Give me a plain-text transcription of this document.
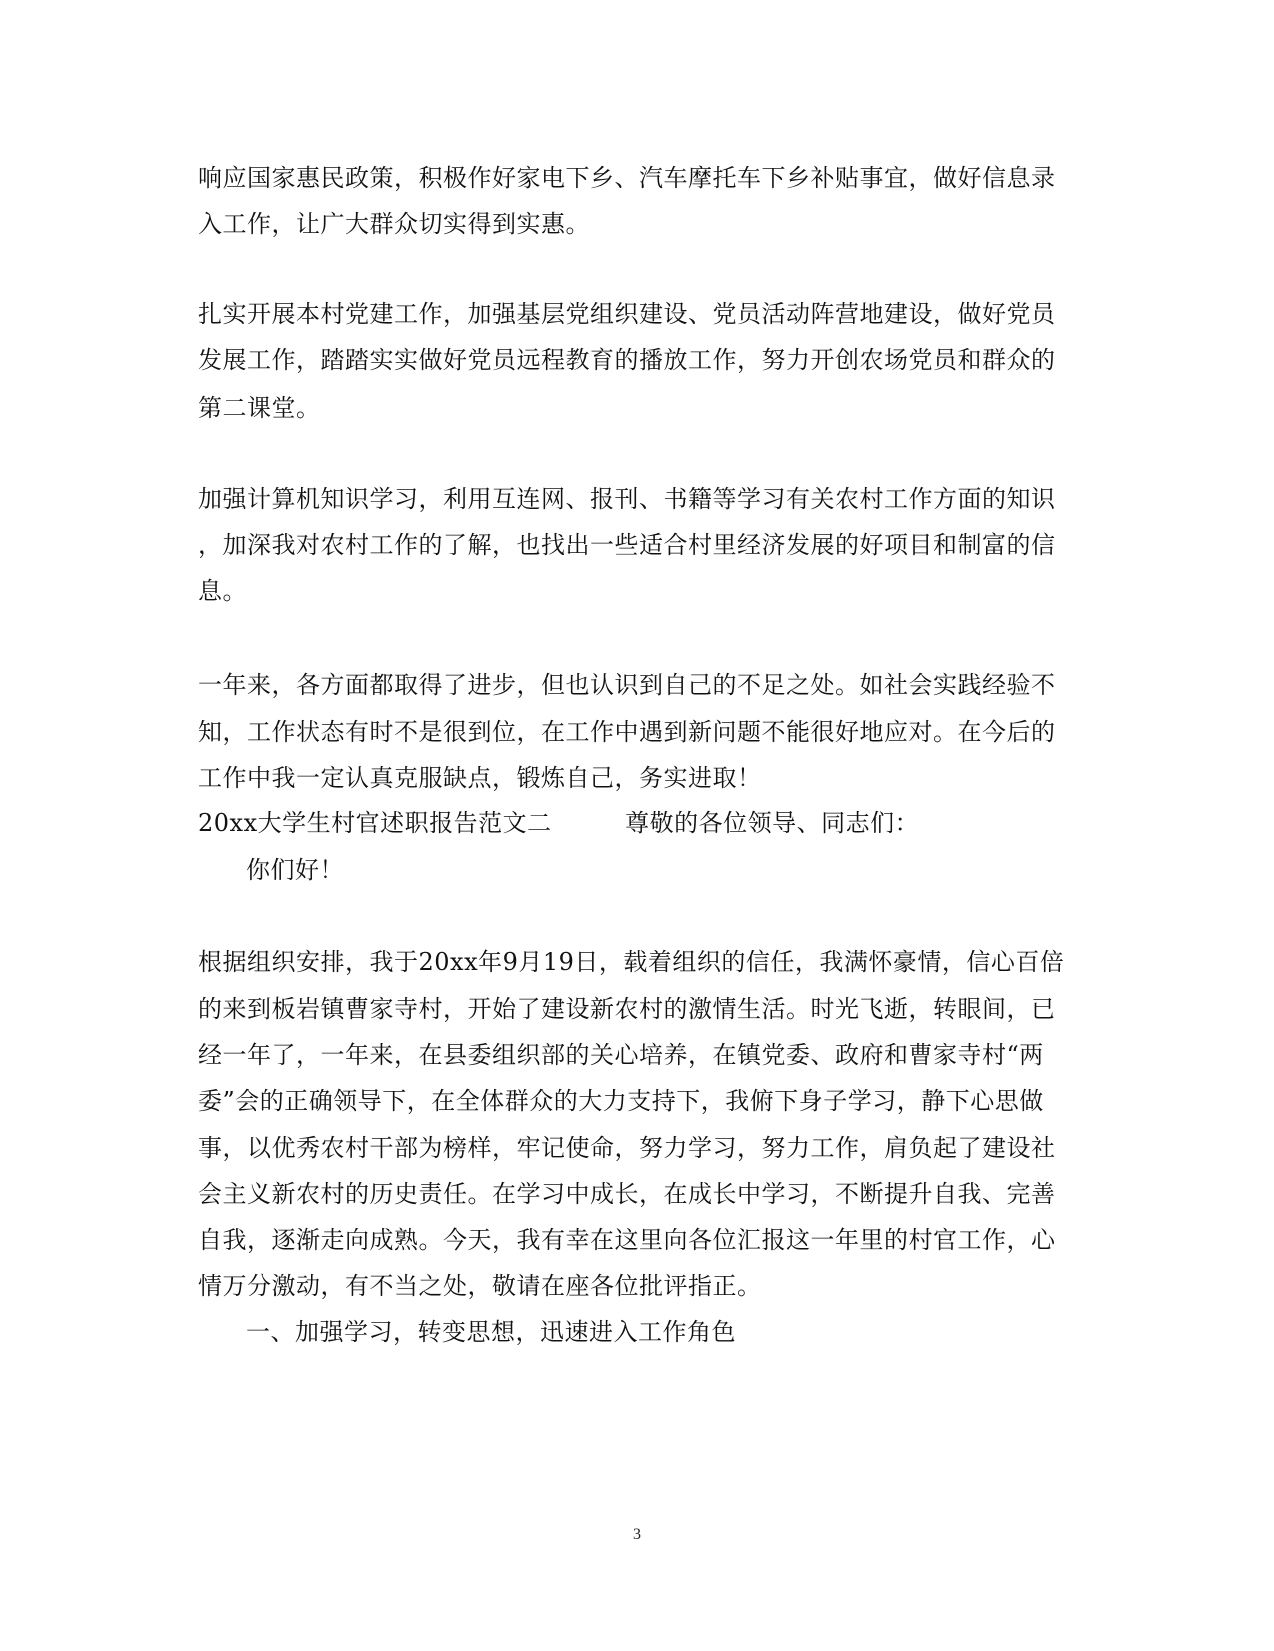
响应国家惠民政策，积极作好家电下乡、汽车摩托车下乡补贴事宜，做好信息录
入工作，让广大群众切实得到实惠。
扎实开展本村党建工作，加强基层党组织建设、党员活动阵营地建设，做好党员
发展工作，踏踏实实做好党员远程教育的播放工作，努力开创农场党员和群众的
第二课堂。
加强计算机知识学习，利用互连网、报刊、书籍等学习有关农村工作方面的知识
，加深我对农村工作的了解，也找出一些适合村里经济发展的好项目和制富的信
息。
一年来，各方面都取得了进步，但也认识到自己的不足之处。如社会实践经验不
知，工作状态有时不是很到位，在工作中遇到新问题不能很好地应对。在今后的
工作中我一定认真克服缺点，锻炼自己，务实进取！
20xx大学生村官述职报告范文二　　　尊敬的各位领导、同志们：
你们好！
根据组织安排，我于20xx年9月19日，载着组织的信任，我满怀豪情，信心百倍
的来到板岩镇曹家寺村，开始了建设新农村的激情生活。时光飞逝，转眼间，已
经一年了，一年来，在县委组织部的关心培养，在镇党委、政府和曹家寺村“两
委”会的正确领导下，在全体群众的大力支持下，我俯下身子学习，静下心思做
事，以优秀农村干部为榜样，牢记使命，努力学习，努力工作，肩负起了建设社
会主义新农村的历史责任。在学习中成长，在成长中学习，不断提升自我、完善
自我，逐渐走向成熟。今天，我有幸在这里向各位汇报这一年里的村官工作，心
情万分激动，有不当之处，敬请在座各位批评指正。
一、加强学习，转变思想，迅速进入工作角色
3
